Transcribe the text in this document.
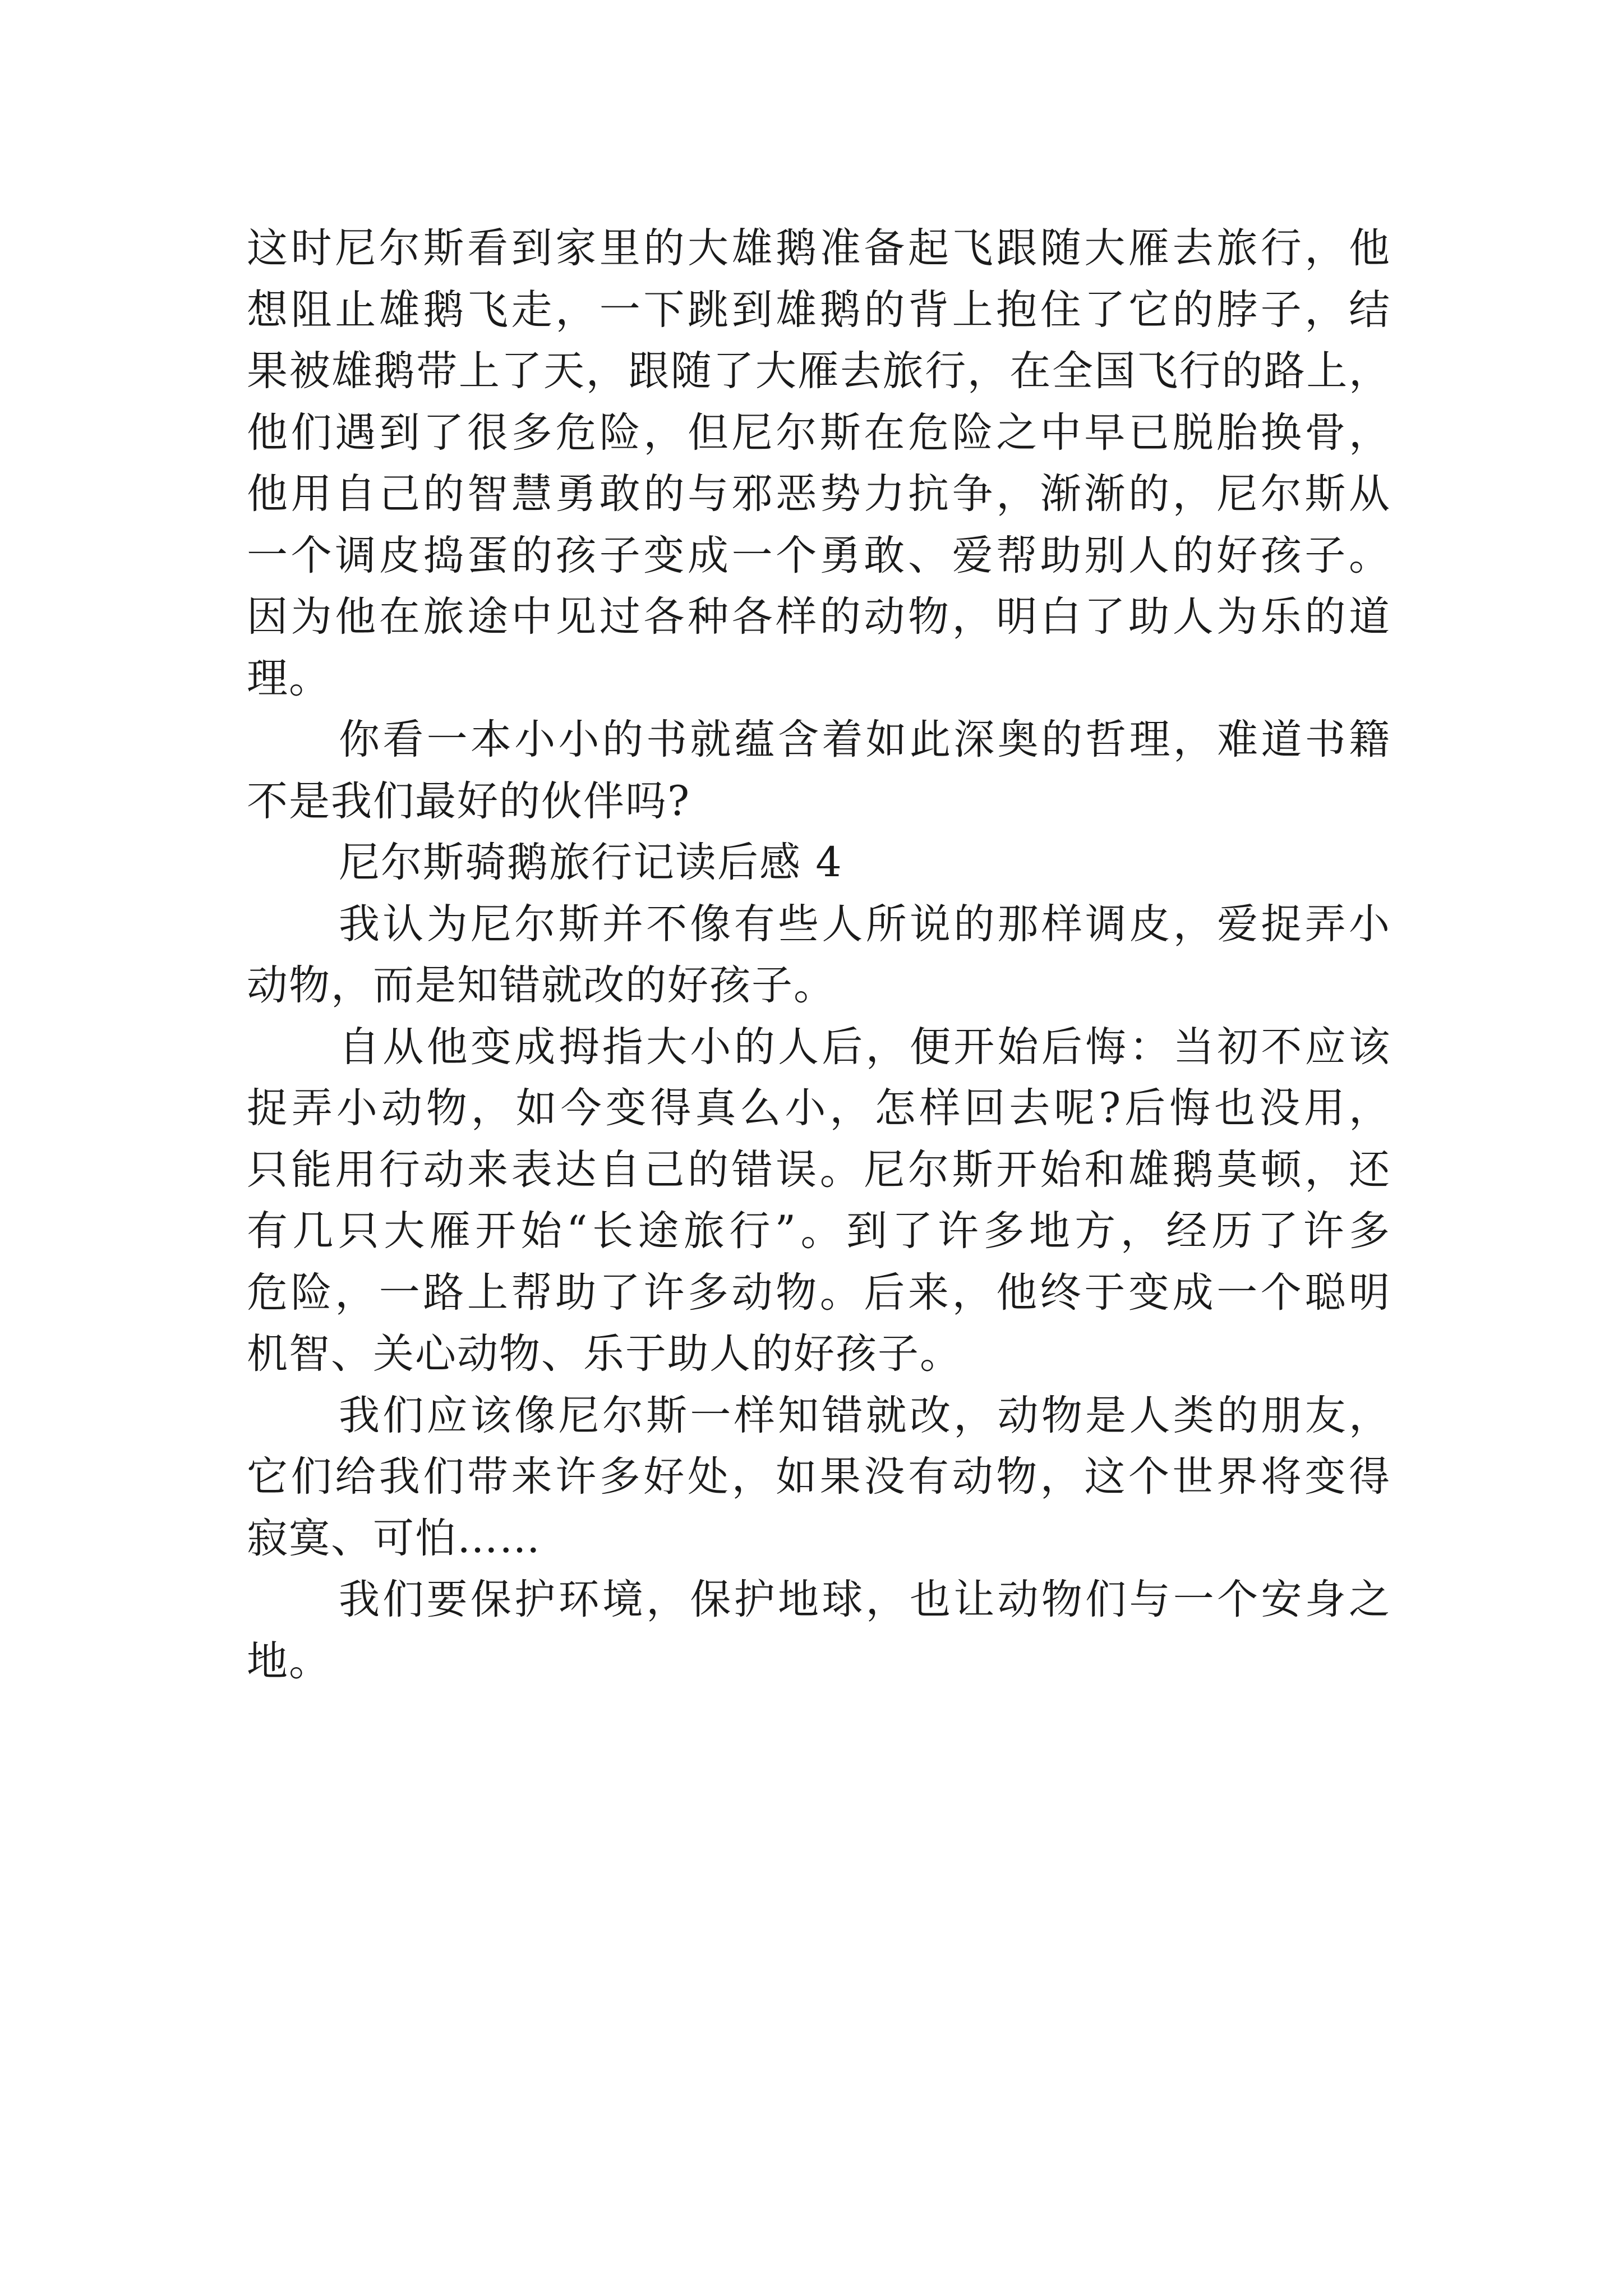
这时尼尔斯看到家里的大雄鹅准备起飞跟随大雁去旅行，他
想阻止雄鹅飞走，一下跳到雄鹅的背上抱住了它的脖子，结
果被雄鹅带上了天，跟随了大雁去旅行，在全国飞行的路上，
他们遇到了很多危险，但尼尔斯在危险之中早已脱胎换骨，
他用自己的智慧勇敢的与邪恶势力抗争，渐渐的，尼尔斯从
一个调皮捣蛋的孩子变成一个勇敢、爱帮助别人的好孩子。
因为他在旅途中见过各种各样的动物，明白了助人为乐的道
理。
你看一本小小的书就蕴含着如此深奥的哲理，难道书籍
不是我们最好的伙伴吗?
尼尔斯骑鹅旅行记读后感 4
我认为尼尔斯并不像有些人所说的那样调皮，爱捉弄小
动物，而是知错就改的好孩子。
自从他变成拇指大小的人后，便开始后悔：当初不应该
捉弄小动物，如今变得真么小，怎样回去呢?后悔也没用，
只能用行动来表达自己的错误。尼尔斯开始和雄鹅莫顿，还
有几只大雁开始“长途旅行”。到了许多地方，经历了许多
危险，一路上帮助了许多动物。后来，他终于变成一个聪明
机智、关心动物、乐于助人的好孩子。
我们应该像尼尔斯一样知错就改，动物是人类的朋友，
它们给我们带来许多好处，如果没有动物，这个世界将变得
寂寞、可怕……
我们要保护环境，保护地球，也让动物们与一个安身之
地。
